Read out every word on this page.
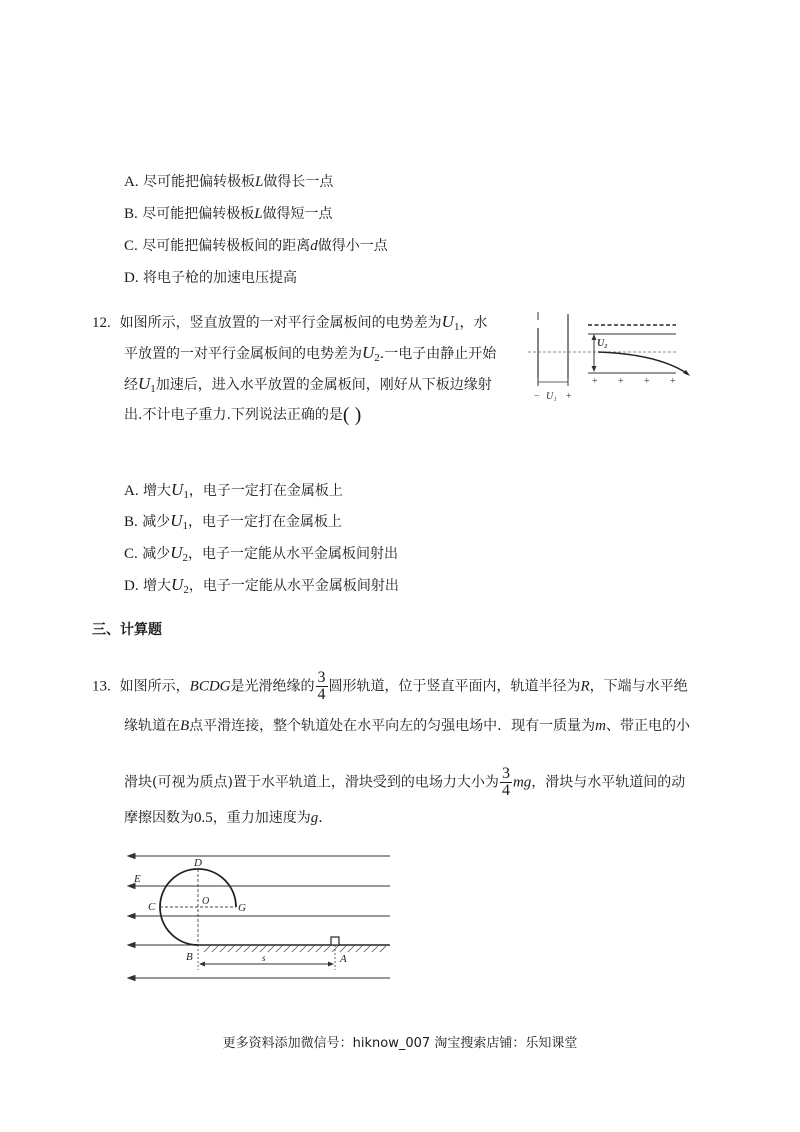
A. 尽可能把偏转极板L做得长一点
B. 尽可能把偏转极板L做得短一点
C. 尽可能把偏转极板间的距离d做得小一点
D. 将电子枪的加速电压提高
12. 如图所示，竖直放置的一对平行金属板间的电势差为$U_1$，水
平放置的一对平行金属板间的电势差为$U_2$.一电子由静止开始
经$U_1$加速后，进入水平放置的金属板间，刚好从下板边缘射
出.不计电子重力.下列说法正确的是( )
− U₁ +
U₂
+ + + +
A. 增大$U_1$，电子一定打在金属板上
B. 减少$U_1$，电子一定打在金属板上
C. 减少$U_2$，电子一定能从水平金属板间射出
D. 增大$U_2$，电子一定能从水平金属板间射出
三、计算题
13. 如图所示，BCDG是光滑绝缘的 $\frac{3}{4}$ 圆形轨道，位于竖直平面内，轨道半径为R，下端与水平绝
缘轨道在B点平滑连接，整个轨道处在水平向左的匀强电场中．现有一质量为m、带正电的小
滑块(可视为质点)置于水平轨道上，滑块受到的电场力大小为 $\frac{3}{4}$ mg，滑块与水平轨道间的动
摩擦因数为0.5，重力加速度为g.
D
E
C	O
G
B	A
s
更多资料添加微信号：hiknow_007 淘宝搜索店铺：乐知课堂
